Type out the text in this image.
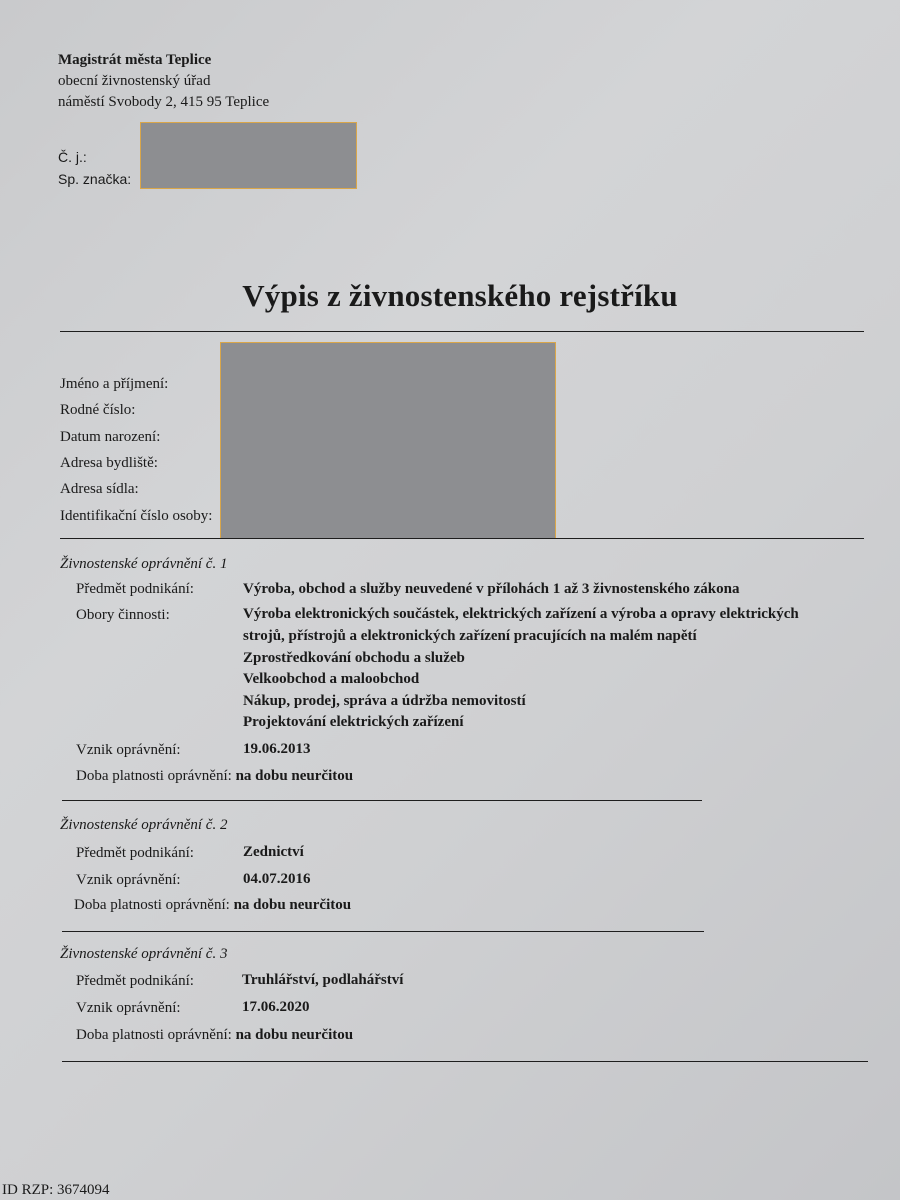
Magistrát města Teplice
obecní živnostenský úřad
náměstí Svobody 2, 415 95 Teplice
Č. j.:
Sp. značka:
Výpis z živnostenského rejstříku
Jméno a příjmení:
Rodné číslo:
Datum narození:
Adresa bydliště:
Adresa sídla:
Identifikační číslo osoby:
Živnostenské oprávnění č. 1
Předmět podnikání:	Výroba, obchod a služby neuvedené v přílohách 1 až 3 živnostenského zákona
Obory činnosti:	Výroba elektronických součástek, elektrických zařízení a výroba a opravy elektrických
strojů, přístrojů a elektronických zařízení pracujících na malém napětí
Zprostředkování obchodu a služeb
Velkoobchod a maloobchod
Nákup, prodej, správa a údržba nemovitostí
Projektování elektrických zařízení
Vznik oprávnění:	19.06.2013
Doba platnosti oprávnění: na dobu neurčitou
Živnostenské oprávnění č. 2
Předmět podnikání:	Zednictví
Vznik oprávnění:	04.07.2016
Doba platnosti oprávnění: na dobu neurčitou
Živnostenské oprávnění č. 3
Předmět podnikání:	Truhlářství, podlahářství
Vznik oprávnění:	17.06.2020
Doba platnosti oprávnění: na dobu neurčitou
ID RZP: 3674094
